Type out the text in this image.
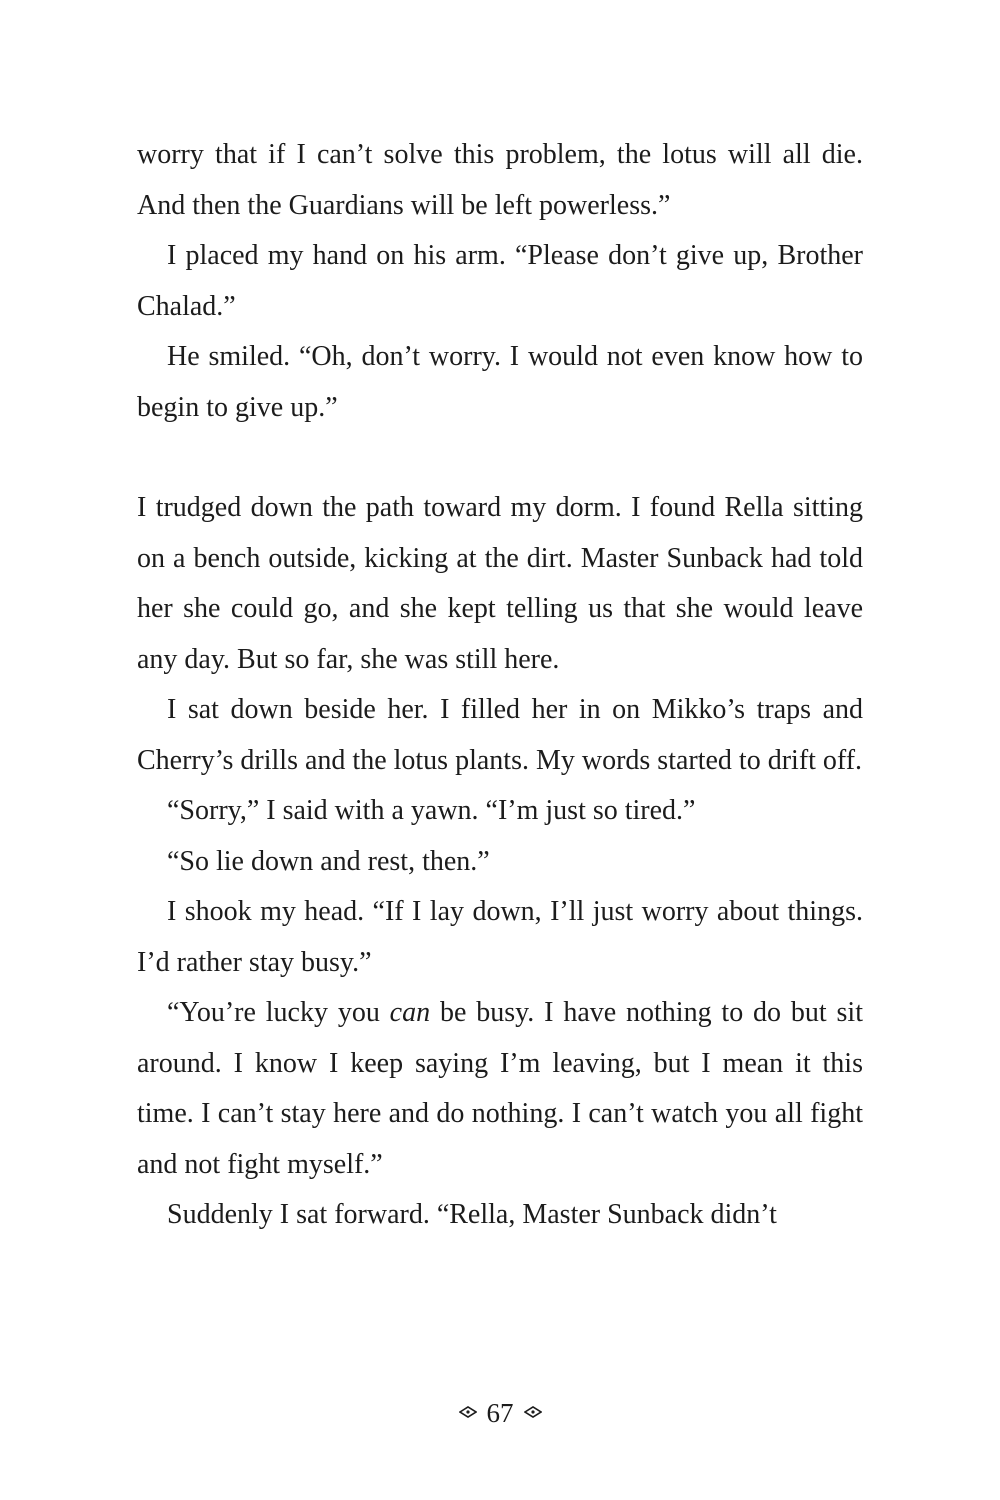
worry that if I can’t solve this problem, the lotus will all die. And then the Guardians will be left powerless.”

I placed my hand on his arm. “Please don’t give up, Brother Chalad.”

He smiled. “Oh, don’t worry. I would not even know how to begin to give up.”

I trudged down the path toward my dorm. I found Rella sitting on a bench outside, kicking at the dirt. Master Sunback had told her she could go, and she kept telling us that she would leave any day. But so far, she was still here.

I sat down beside her. I filled her in on Mikko’s traps and Cherry’s drills and the lotus plants. My words started to drift off.

“Sorry,” I said with a yawn. “I’m just so tired.”

“So lie down and rest, then.”

I shook my head. “If I lay down, I’ll just worry about things. I’d rather stay busy.”

“You’re lucky you can be busy. I have nothing to do but sit around. I know I keep saying I’m leaving, but I mean it this time. I can’t stay here and do nothing. I can’t watch you all fight and not fight myself.”

Suddenly I sat forward. “Rella, Master Sunback didn’t

67
